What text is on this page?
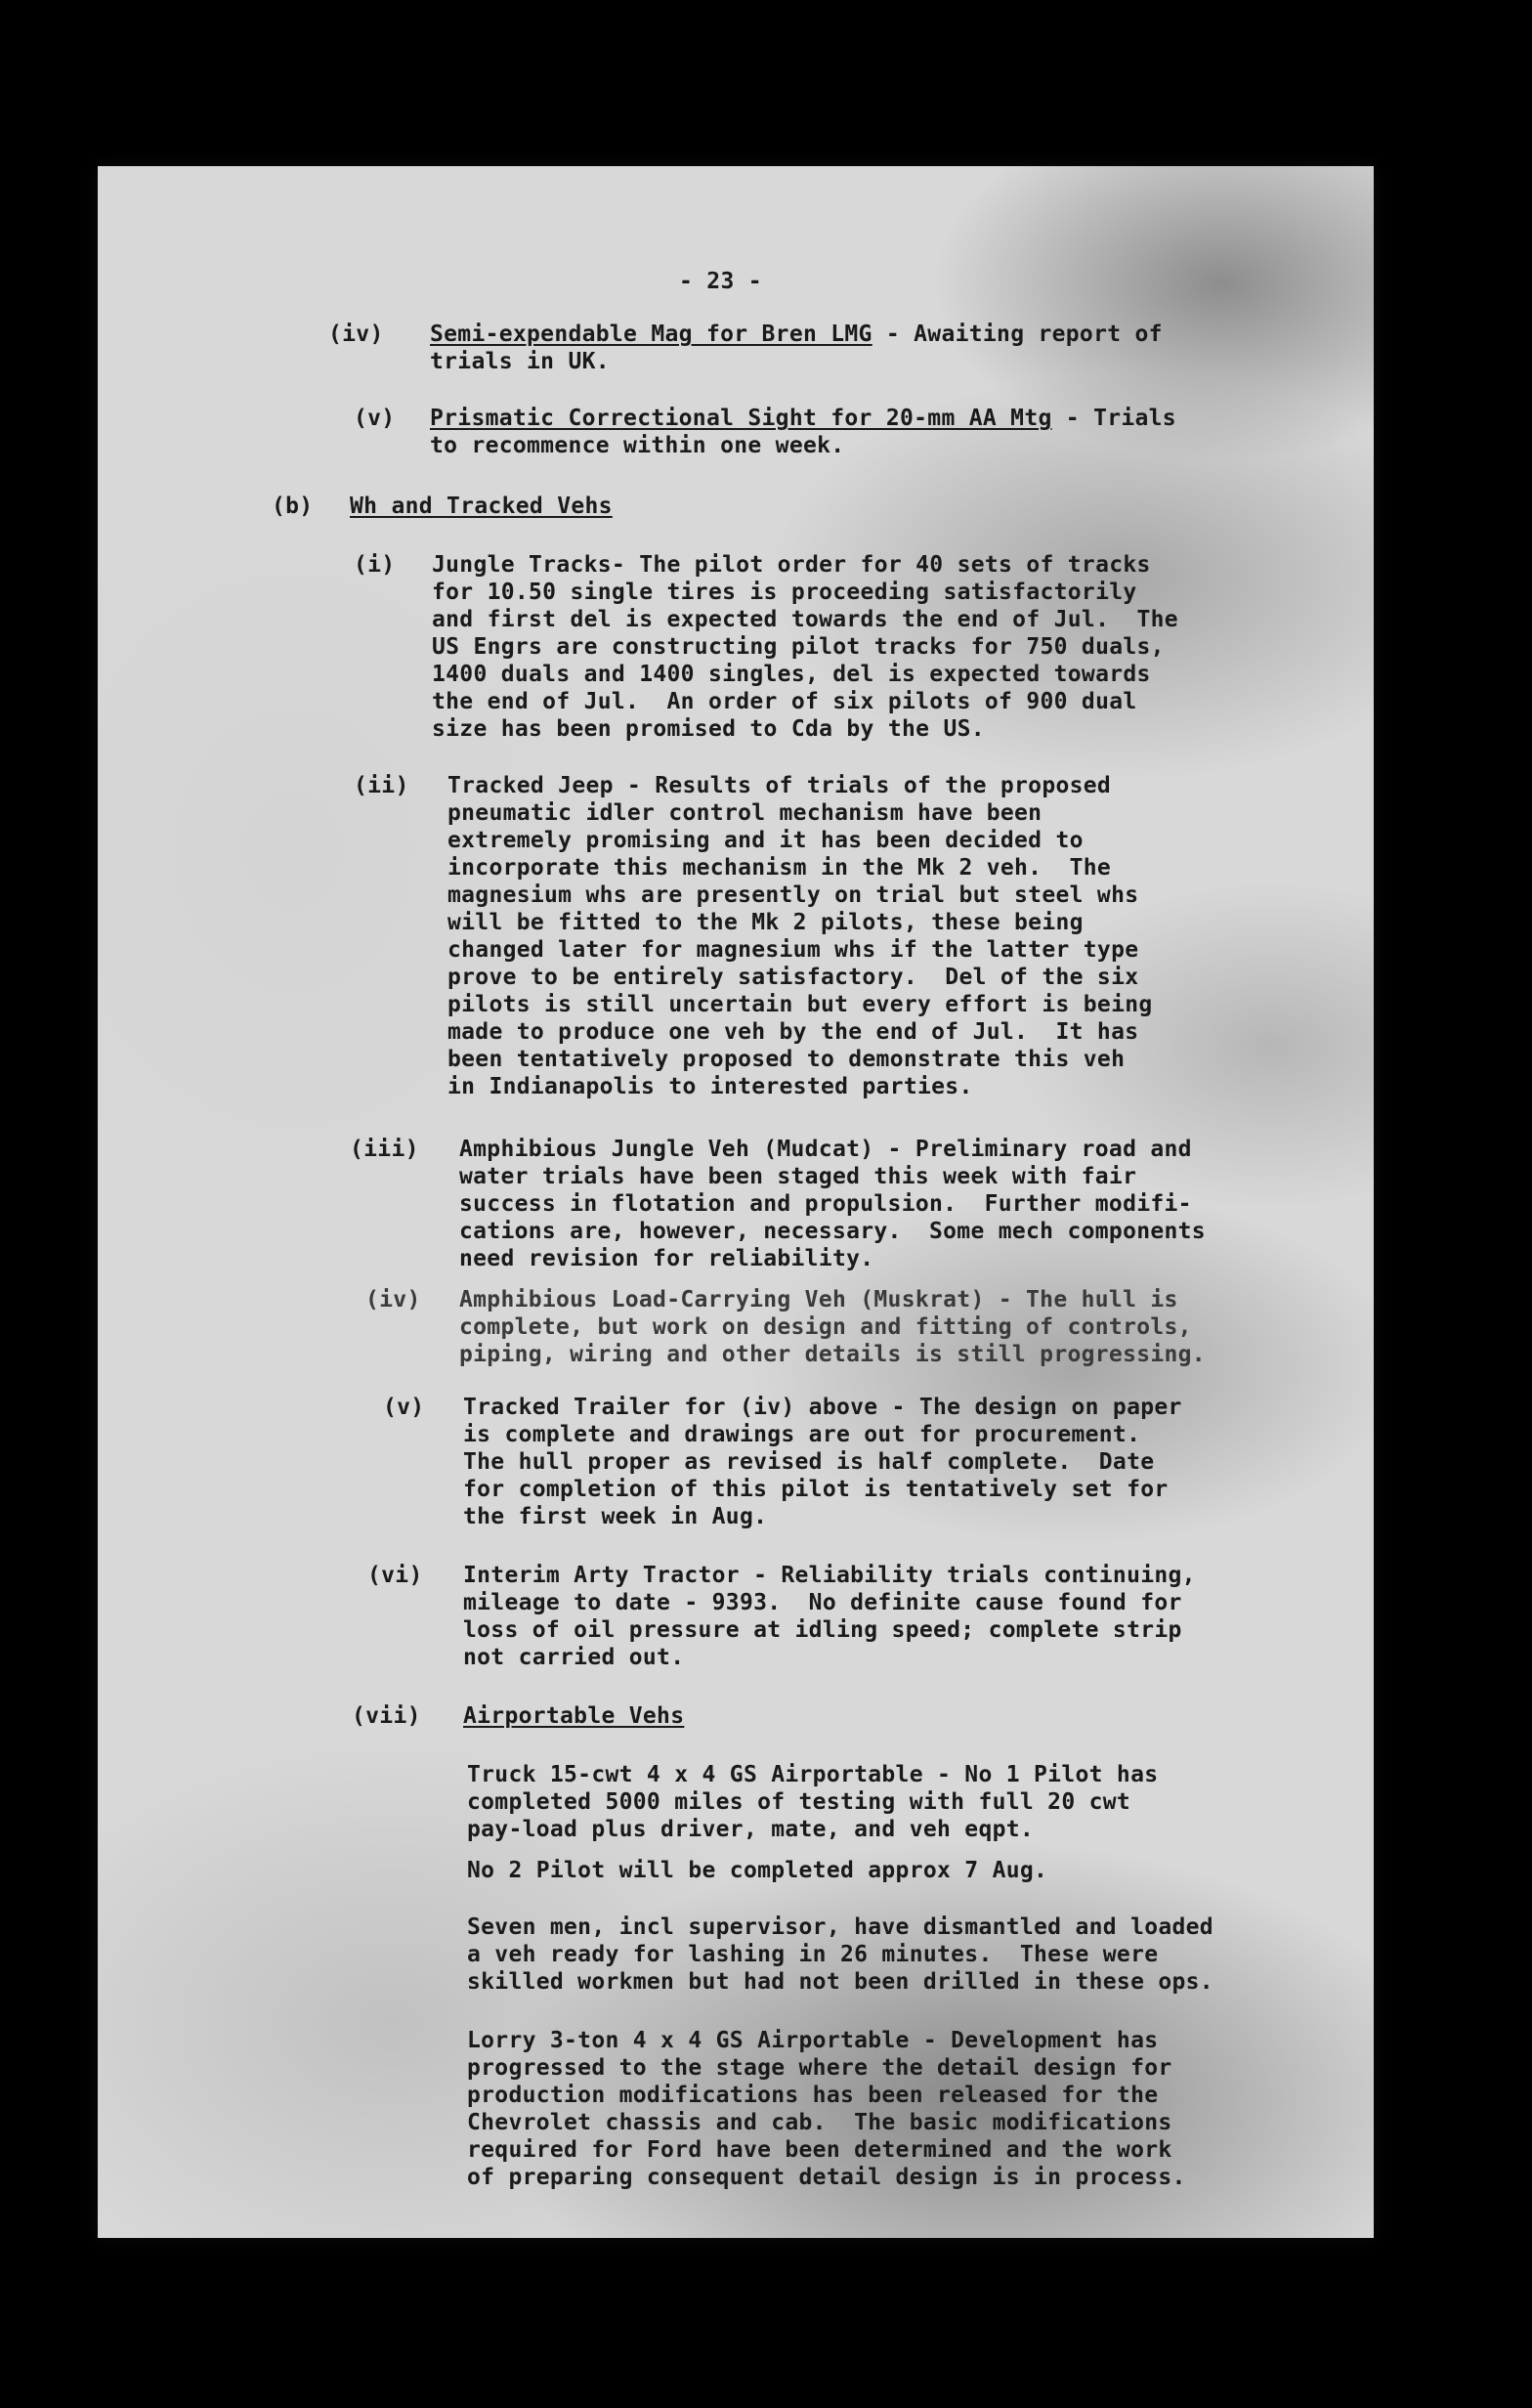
- 23 -
(iv) Semi-expendable Mag for Bren LMG - Awaiting report of
trials in UK.
(v) Prismatic Correctional Sight for 20-mm AA Mtg - Trials
to recommence within one week.
(b) Wh and Tracked Vehs
(i) Jungle Tracks- The pilot order for 40 sets of tracks
for 10.50 single tires is proceeding satisfactorily
and first del is expected towards the end of Jul.  The
US Engrs are constructing pilot tracks for 750 duals,
1400 duals and 1400 singles, del is expected towards
the end of Jul.  An order of six pilots of 900 dual
size has been promised to Cda by the US.
(ii) Tracked Jeep - Results of trials of the proposed
pneumatic idler control mechanism have been
extremely promising and it has been decided to
incorporate this mechanism in the Mk 2 veh.  The
magnesium whs are presently on trial but steel whs
will be fitted to the Mk 2 pilots, these being
changed later for magnesium whs if the latter type
prove to be entirely satisfactory.  Del of the six
pilots is still uncertain but every effort is being
made to produce one veh by the end of Jul.  It has
been tentatively proposed to demonstrate this veh
in Indianapolis to interested parties.
(iii) Amphibious Jungle Veh (Mudcat) - Preliminary road and
water trials have been staged this week with fair
success in flotation and propulsion.  Further modifi-
cations are, however, necessary.  Some mech components
need revision for reliability.
(iv) Amphibious Load-Carrying Veh (Muskrat) - The hull is
complete, but work on design and fitting of controls,
piping, wiring and other details is still progressing.
(v) Tracked Trailer for (iv) above - The design on paper
is complete and drawings are out for procurement.
The hull proper as revised is half complete.  Date
for completion of this pilot is tentatively set for
the first week in Aug.
(vi) Interim Arty Tractor - Reliability trials continuing,
mileage to date - 9393.  No definite cause found for
loss of oil pressure at idling speed; complete strip
not carried out.
(vii) Airportable Vehs
Truck 15-cwt 4 x 4 GS Airportable - No 1 Pilot has
completed 5000 miles of testing with full 20 cwt
pay-load plus driver, mate, and veh eqpt.
No 2 Pilot will be completed approx 7 Aug.
Seven men, incl supervisor, have dismantled and loaded
a veh ready for lashing in 26 minutes.  These were
skilled workmen but had not been drilled in these ops.
Lorry 3-ton 4 x 4 GS Airportable - Development has
progressed to the stage where the detail design for
production modifications has been released for the
Chevrolet chassis and cab.  The basic modifications
required for Ford have been determined and the work
of preparing consequent detail design is in process.
